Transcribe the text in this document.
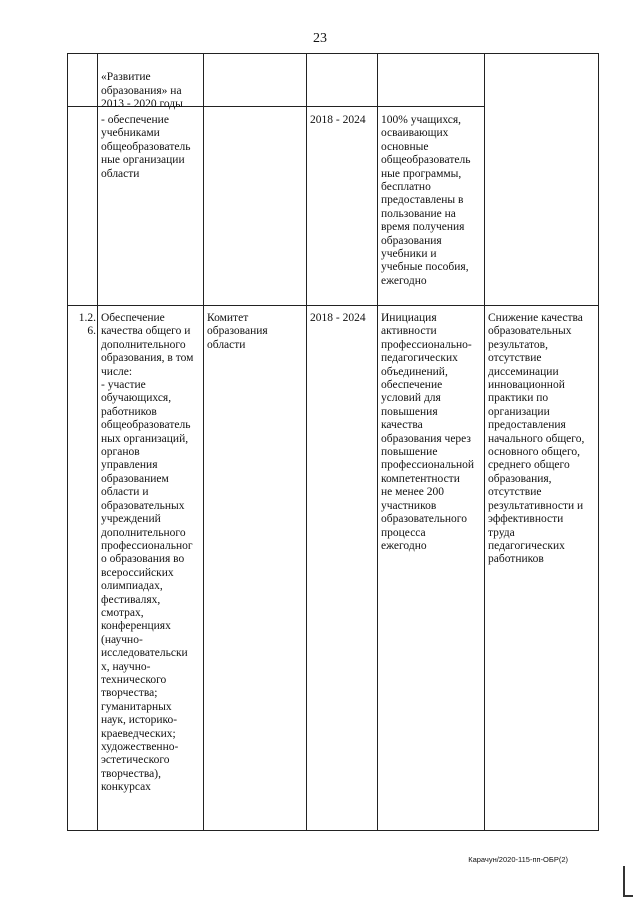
23

«Развитие
образования» на
2013 - 2020 годы

- обеспечение
учебниками
общеобразователь
ные организации
области
2018 - 2024	100% учащихся,
осваивающих
основные
общеобразователь
ные программы,
бесплатно
предоставлены в
пользование на
время получения
образования
учебники и
учебные пособия,
ежегодно
1.2.
6.
Обеспечение
качества общего и
дополнительного
образования, в том
числе:
- участие
обучающихся,
работников
общеобразователь
ных организаций,
органов
управления
образованием
области и
образовательных
учреждений
дополнительного
профессиональног
о образования во
всероссийских
олимпиадах,
фестивалях,
смотрах,
конференциях
(научно-
исследовательски
х, научно-
технического
творчества;
гуманитарных
наук, историко-
краеведческих;
художественно-
эстетического
творчества),
конкурсах
Комитет
образования
области
2018 - 2024	Инициация
активности
профессионально-
педагогических
объединений,
обеспечение
условий для
повышения
качества
образования через
повышение
профессиональной
компетентности
не менее 200
участников
образовательного
процесса
ежегодно
Снижение качества
образовательных
результатов,
отсутствие
диссеминации
инновационной
практики по
организации
предоставления
начального общего,
основного общего,
среднего общего
образования,
отсутствие
результативности и
эффективности
труда
педагогических
работников
Карачун/2020-115-пп-ОБР(2)
